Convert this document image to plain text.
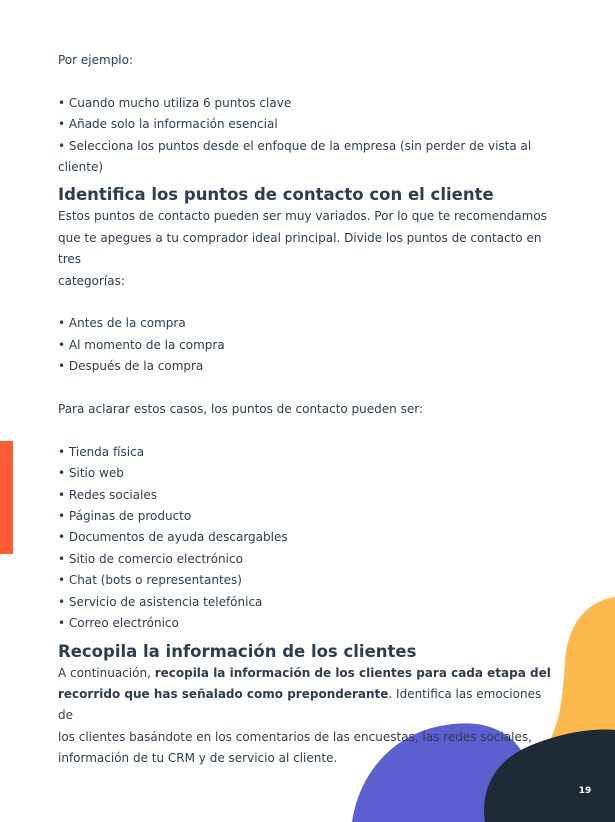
Por ejemplo:

• Cuando mucho utiliza 6 puntos clave

• Añade solo la información esencial

• Selecciona los puntos desde el enfoque de la empresa (sin perder de vista al

cliente)

Identifica los puntos de contacto con el cliente

Estos puntos de contacto pueden ser muy variados. Por lo que te recomendamos

que te apegues a tu comprador ideal principal. Divide los puntos de contacto en tres

categorías:

• Antes de la compra

• Al momento de la compra

• Después de la compra

Para aclarar estos casos, los puntos de contacto pueden ser:

• Tienda física

• Sitio web

• Redes sociales

• Páginas de producto

• Documentos de ayuda descargables

• Sitio de comercio electrónico

• Chat (bots o representantes)

• Servicio de asistencia telefónica

• Correo electrónico

Recopila la información de los clientes

A continuación, recopila la información de los clientes para cada etapa del

recorrido que has señalado como preponderante. Identifica las emociones de

los clientes basándote en los comentarios de las encuestas, las redes sociales,

información de tu CRM y de servicio al cliente.

19
